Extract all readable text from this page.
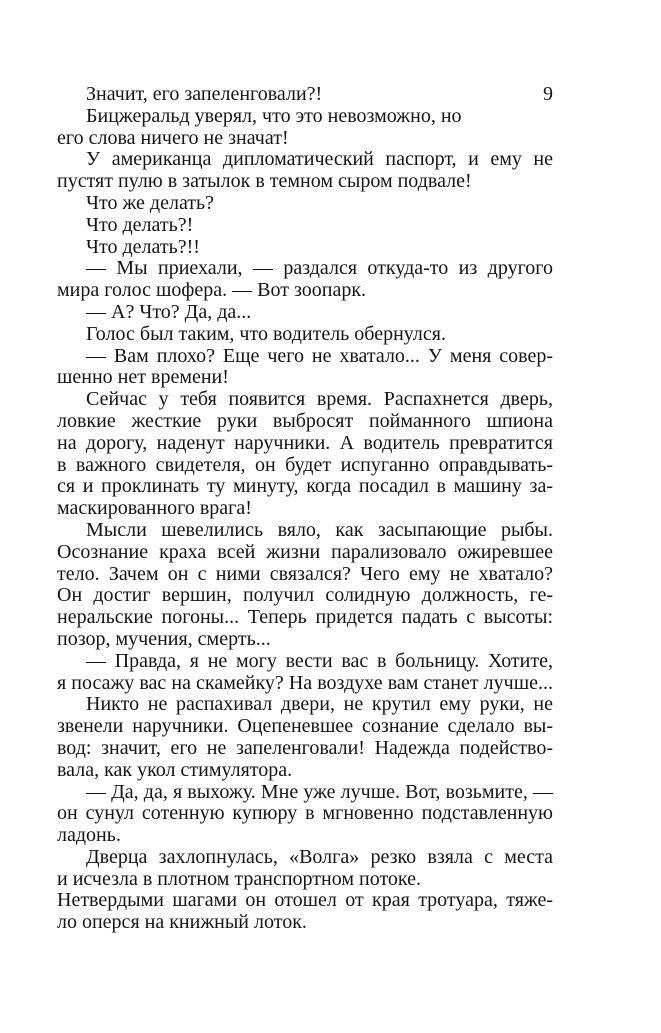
9
Значит, его запеленговали?!
Бицжеральд уверял, что это невозможно, но
его слова ничего не значат!
У американца дипломатический паспорт, и ему не
пустят пулю в затылок в темном сыром подвале!
Что же делать?
Что делать?!
Что делать?!!
— Мы приехали, — раздался откуда-то из другого
мира голос шофера. — Вот зоопарк.
— А? Что? Да, да...
Голос был таким, что водитель обернулся.
— Вам плохо? Еще чего не хватало... У меня совер-
шенно нет времени!
Сейчас у тебя появится время. Распахнется дверь,
ловкие жесткие руки выбросят пойманного шпиона
на дорогу, наденут наручники. А водитель превратится
в важного свидетеля, он будет испуганно оправдывать-
ся и проклинать ту минуту, когда посадил в машину за-
маскированного врага!
Мысли шевелились вяло, как засыпающие рыбы.
Осознание краха всей жизни парализовало ожиревшее
тело. Зачем он с ними связался? Чего ему не хватало?
Он достиг вершин, получил солидную должность, ге-
неральские погоны... Теперь придется падать с высоты:
позор, мучения, смерть...
— Правда, я не могу вести вас в больницу. Хотите,
я посажу вас на скамейку? На воздухе вам станет лучше...
Никто не распахивал двери, не крутил ему руки, не
звенели наручники. Оцепеневшее сознание сделало вы-
вод: значит, его не запеленговали! Надежда подейство-
вала, как укол стимулятора.
— Да, да, я выхожу. Мне уже лучше. Вот, возьмите, —
он сунул сотенную купюру в мгновенно подставленную
ладонь.
Дверца захлопнулась, «Волга» резко взяла с места
и исчезла в плотном транспортном потоке.
Нетвердыми шагами он отошел от края тротуара, тяже-
ло оперся на книжный лоток.
